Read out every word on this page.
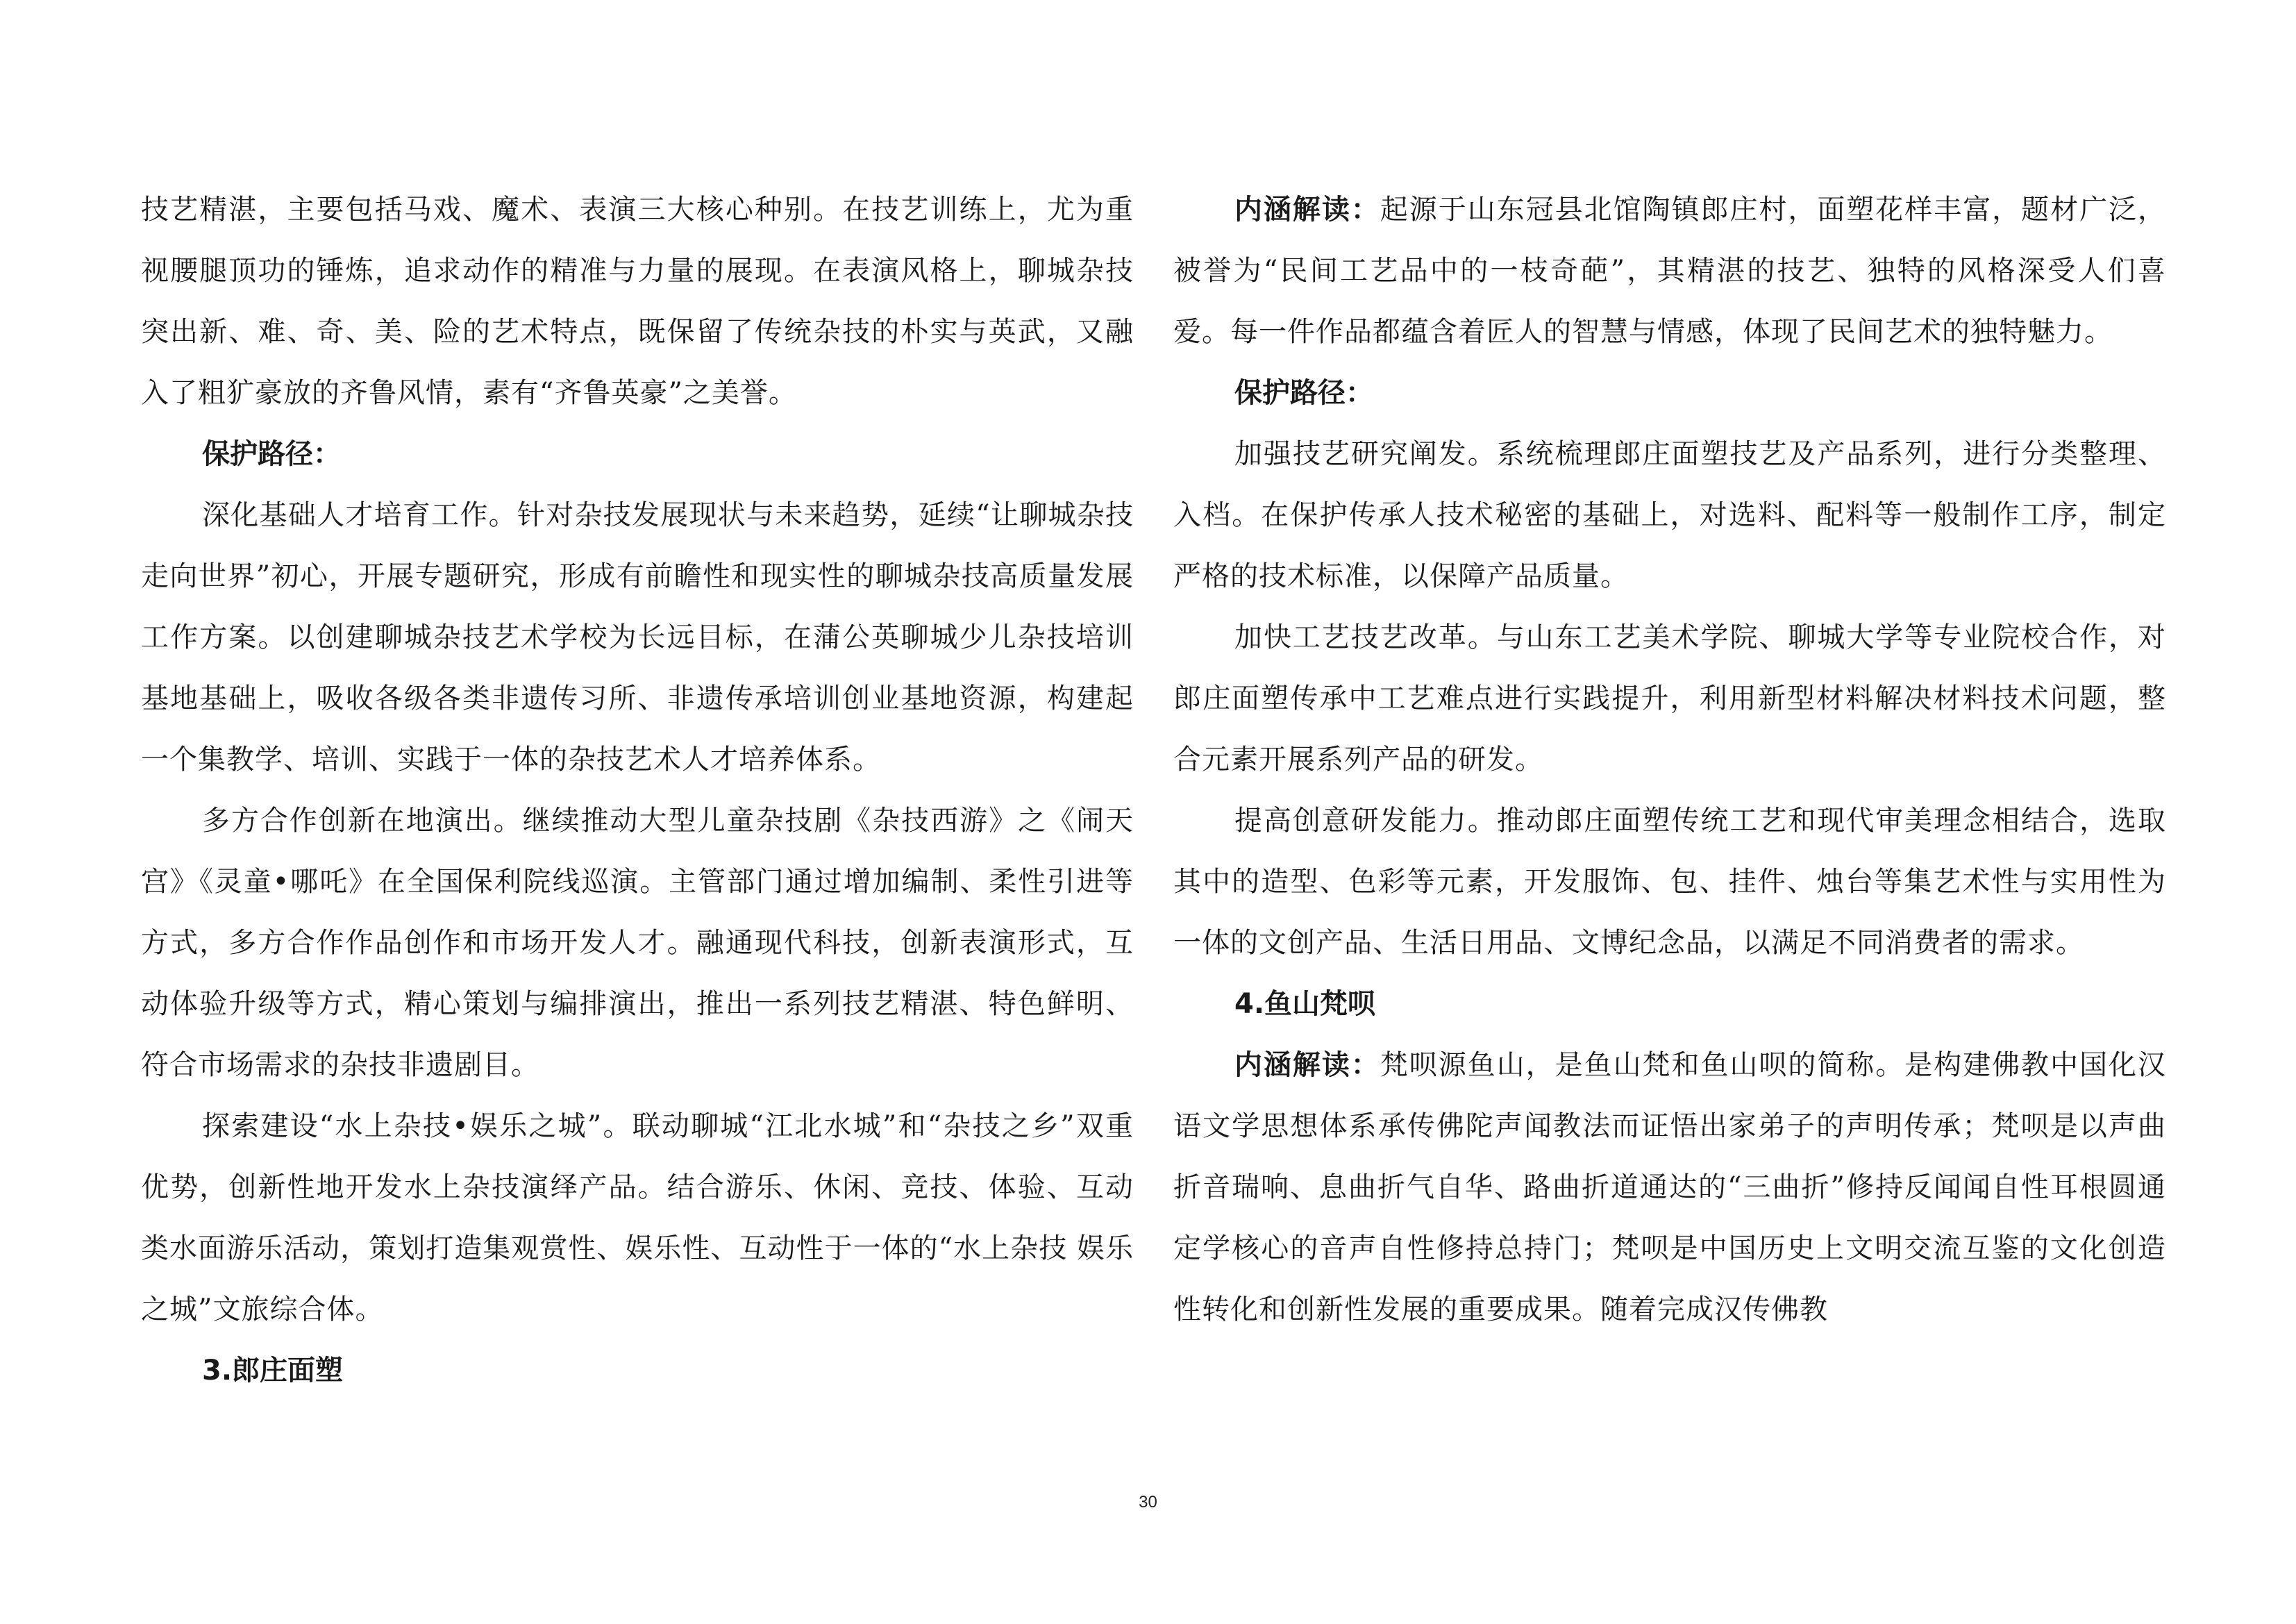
技艺精湛，主要包括马戏、魔术、表演三大核心种别。在技艺训练上，尤为重视腰腿顶功的锤炼，追求动作的精准与力量的展现。在表演风格上，聊城杂技突出新、难、奇、美、险的艺术特点，既保留了传统杂技的朴实与英武，又融入了粗犷豪放的齐鲁风情，素有“齐鲁英豪”之美誉。

保护路径：

深化基础人才培育工作。针对杂技发展现状与未来趋势，延续“让聊城杂技走向世界”初心，开展专题研究，形成有前瞻性和现实性的聊城杂技高质量发展工作方案。以创建聊城杂技艺术学校为长远目标，在蒲公英聊城少儿杂技培训基地基础上，吸收各级各类非遗传习所、非遗传承培训创业基地资源，构建起一个集教学、培训、实践于一体的杂技艺术人才培养体系。

多方合作创新在地演出。继续推动大型儿童杂技剧《杂技西游》之《闹天宫》《灵童•哪吒》在全国保利院线巡演。主管部门通过增加编制、柔性引进等方式，多方合作作品创作和市场开发人才。融通现代科技，创新表演形式，互动体验升级等方式，精心策划与编排演出，推出一系列技艺精湛、特色鲜明、符合市场需求的杂技非遗剧目。

探索建设“水上杂技•娱乐之城”。联动聊城“江北水城”和“杂技之乡”双重优势，创新性地开发水上杂技演绎产品。结合游乐、休闲、竞技、体验、互动类水面游乐活动，策划打造集观赏性、娱乐性、互动性于一体的“水上杂技 娱乐之城”文旅综合体。

3.郎庄面塑

内涵解读：起源于山东冠县北馆陶镇郎庄村，面塑花样丰富，题材广泛，被誉为“民间工艺品中的一枝奇葩”，其精湛的技艺、独特的风格深受人们喜爱。每一件作品都蕴含着匠人的智慧与情感，体现了民间艺术的独特魅力。

保护路径：

加强技艺研究阐发。系统梳理郎庄面塑技艺及产品系列，进行分类整理、入档。在保护传承人技术秘密的基础上，对选料、配料等一般制作工序，制定严格的技术标准，以保障产品质量。

加快工艺技艺改革。与山东工艺美术学院、聊城大学等专业院校合作，对郎庄面塑传承中工艺难点进行实践提升，利用新型材料解决材料技术问题，整合元素开展系列产品的研发。

提高创意研发能力。推动郎庄面塑传统工艺和现代审美理念相结合，选取其中的造型、色彩等元素，开发服饰、包、挂件、烛台等集艺术性与实用性为一体的文创产品、生活日用品、文博纪念品，以满足不同消费者的需求。

4.鱼山梵呗

内涵解读：梵呗源鱼山，是鱼山梵和鱼山呗的简称。是构建佛教中国化汉语文学思想体系承传佛陀声闻教法而证悟出家弟子的声明传承；梵呗是以声曲折音瑞响、息曲折气自华、路曲折道通达的“三曲折”修持反闻闻自性耳根圆通定学核心的音声自性修持总持门；梵呗是中国历史上文明交流互鉴的文化创造性转化和创新性发展的重要成果。随着完成汉传佛教

30
